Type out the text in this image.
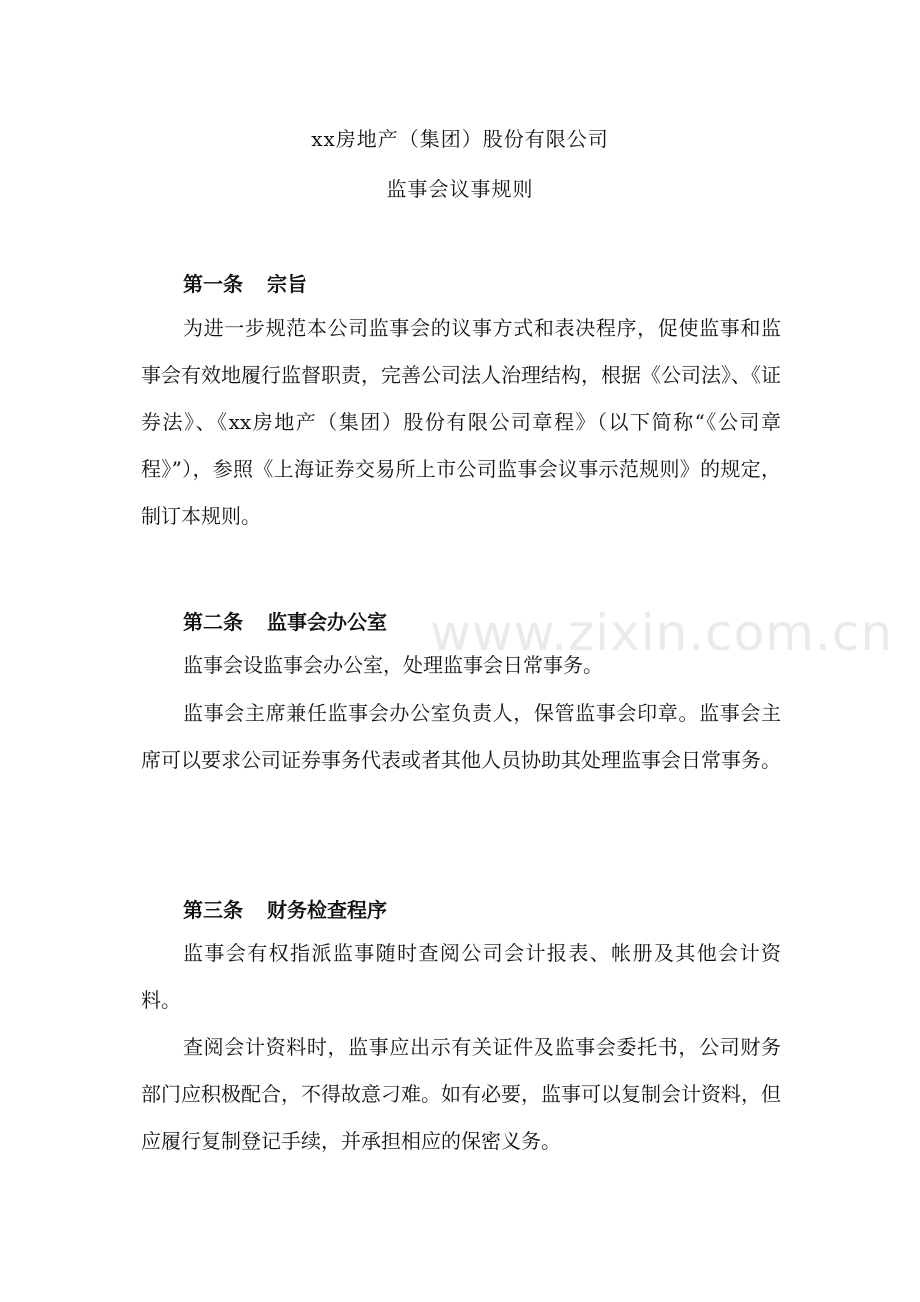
xx房地产（集团）股份有限公司
监事会议事规则
第一条 宗旨
为进一步规范本公司监事会的议事方式和表决程序，促使监事和监事会有效地履行监督职责，完善公司法人治理结构，根据《公司法》、《证券法》、《xx房地产（集团）股份有限公司章程》（以下简称“《公司章程》”），参照《上海证券交易所上市公司监事会议事示范规则》的规定，制订本规则。
第二条 监事会办公室
监事会设监事会办公室，处理监事会日常事务。
监事会主席兼任监事会办公室负责人，保管监事会印章。监事会主席可以要求公司证券事务代表或者其他人员协助其处理监事会日常事务。
第三条 财务检查程序
监事会有权指派监事随时查阅公司会计报表、帐册及其他会计资料。
查阅会计资料时，监事应出示有关证件及监事会委托书，公司财务部门应积极配合，不得故意刁难。如有必要，监事可以复制会计资料，但应履行复制登记手续，并承担相应的保密义务。
www.zixin.com.cn
